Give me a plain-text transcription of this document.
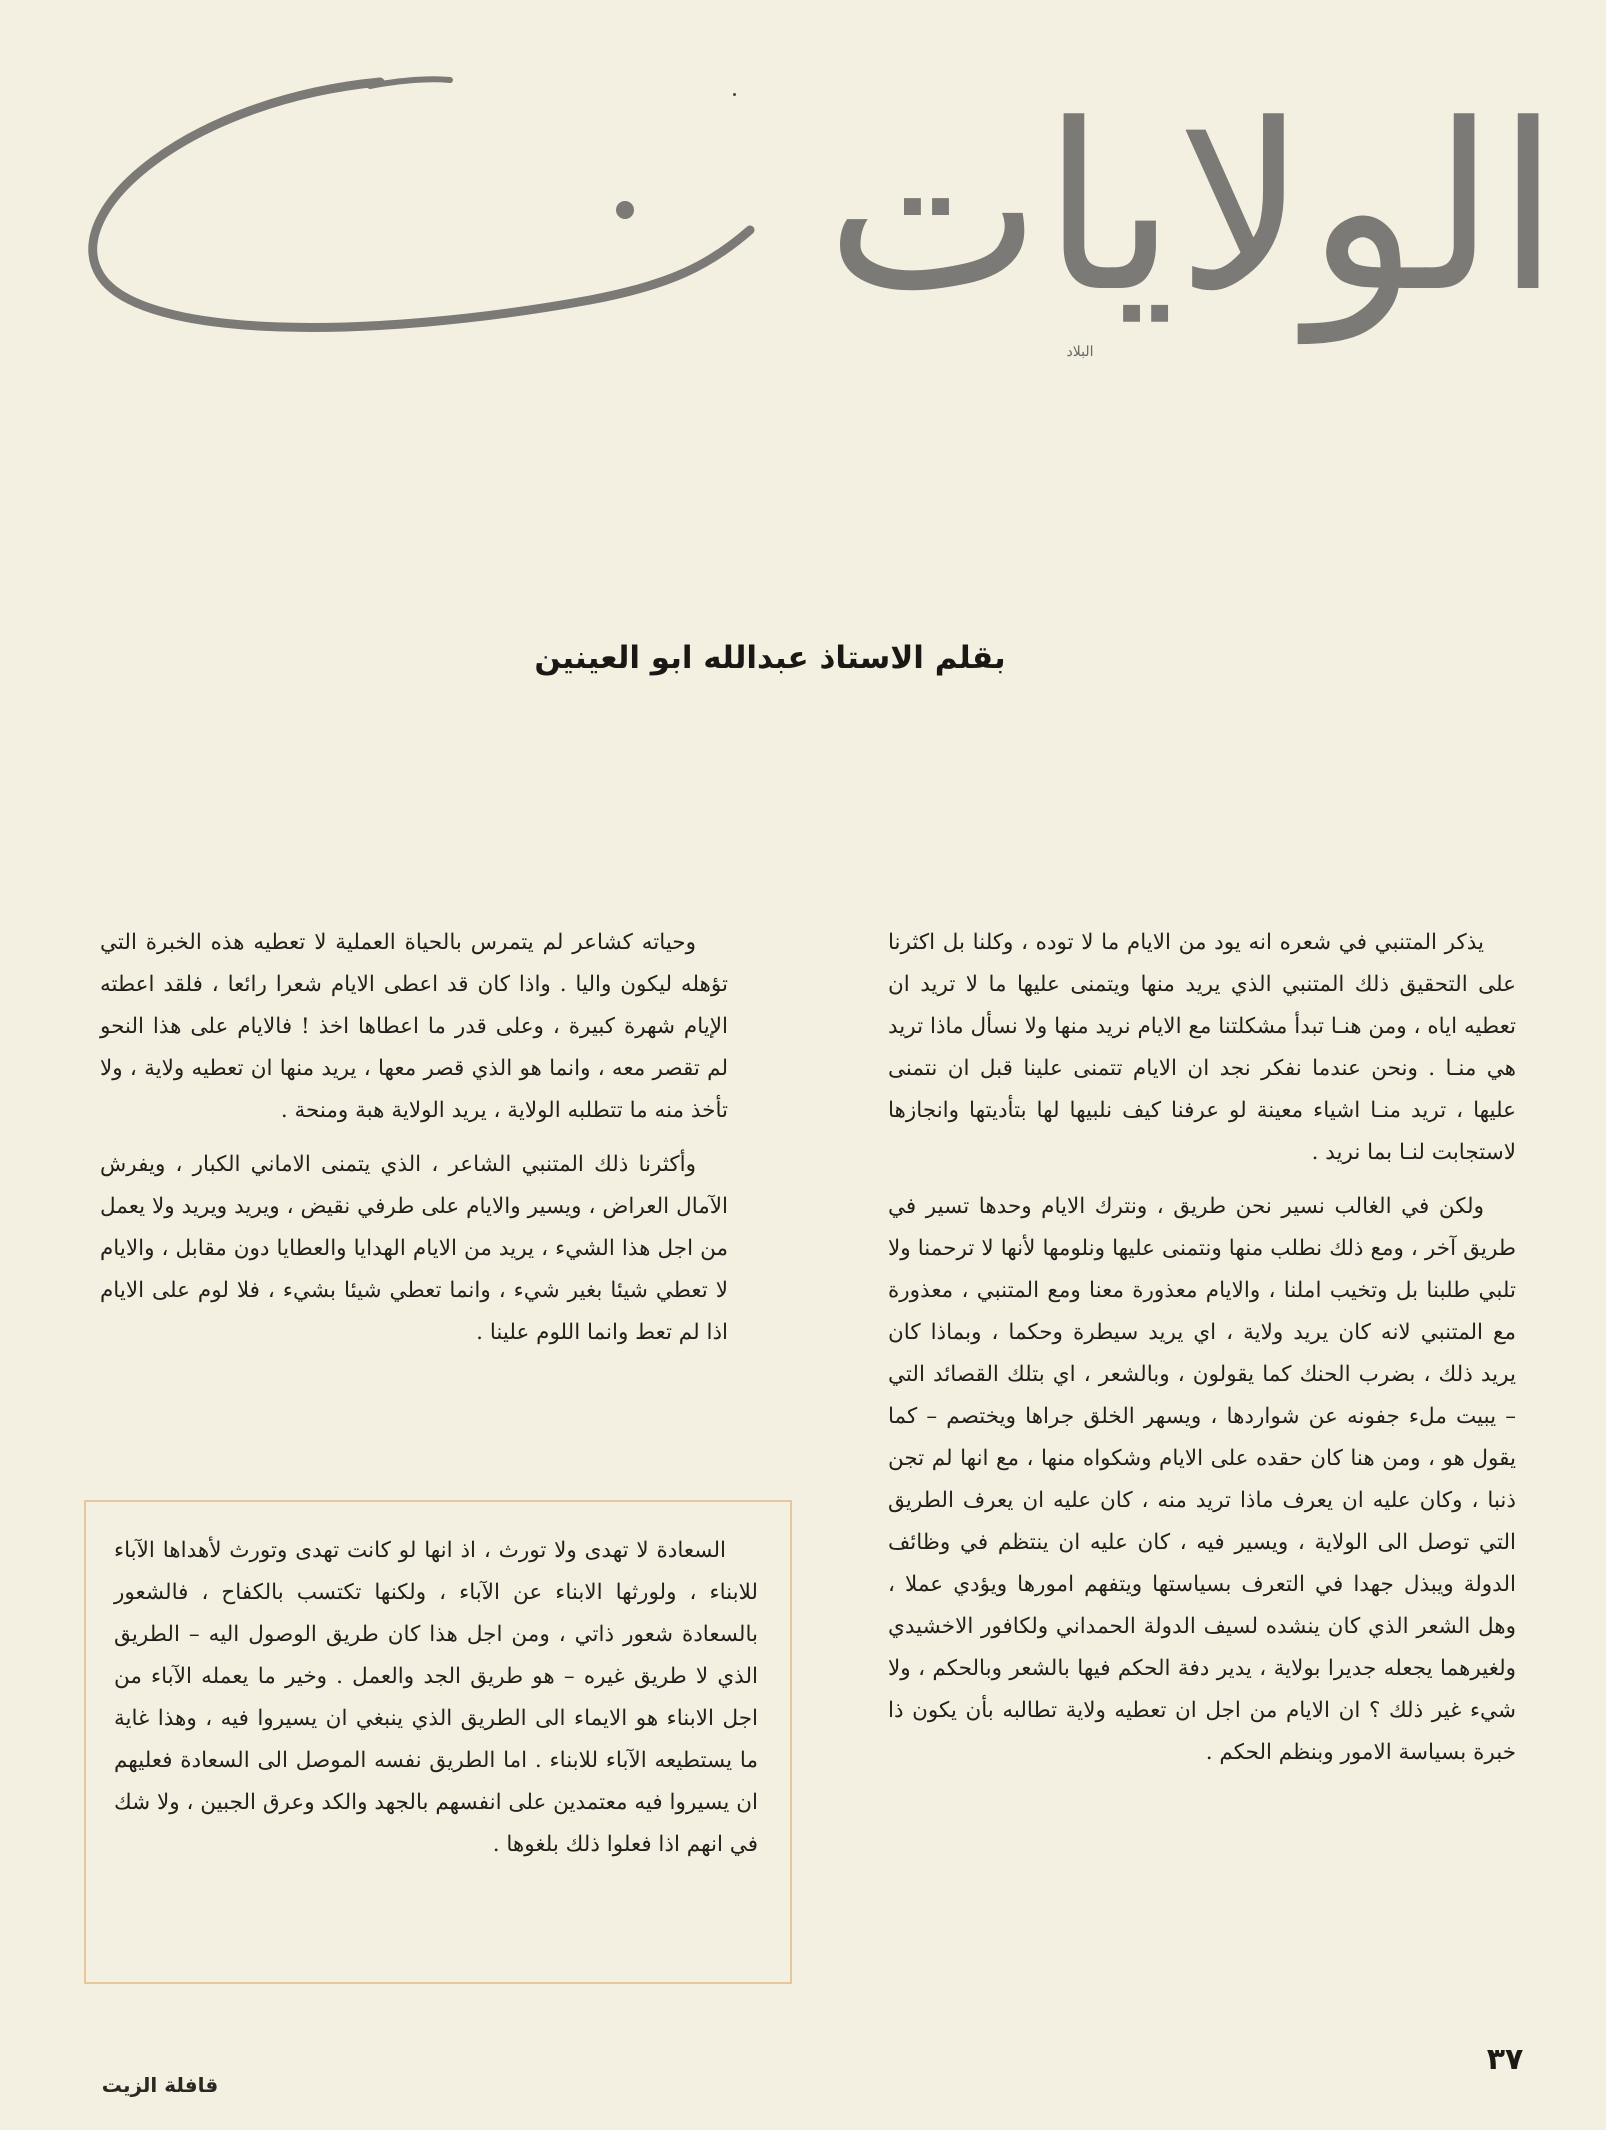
الولايات
البلاد
بقلم الاستاذ عبدالله ابو العينين

يذكر المتنبي في شعره انه يود من الايام ما لا توده ، وكلنا بل اكثرنا على التحقيق ذلك المتنبي الذي يريد منها ويتمنى عليها ما لا تريد ان تعطيه اياه ، ومن هنـا تبدأ مشكلتنا مع الايام نريد منها ولا نسأل ماذا تريد هي منـا . ونحن عندما نفكر نجد ان الايام تتمنى علينا قبل ان نتمنى عليها ، تريد منـا اشياء معينة لو عرفنا كيف نلبيها لها بتأديتها وانجازها لاستجابت لنـا بما نريد .

ولكن في الغالب نسير نحن طريق ، ونترك الايام وحدها تسير في طريق آخر ، ومع ذلك نطلب منها ونتمنى عليها ونلومها لأنها لا ترحمنا ولا تلبي طلبنا بل وتخيب املنا ، والايام معذورة معنا ومع المتنبي ، معذورة مع المتنبي لانه كان يريد ولاية ، اي يريد سيطرة وحكما ، وبماذا كان يريد ذلك ، بضرب الحنك كما يقولون ، وبالشعر ، اي بتلك القصائد التي – يبيت ملء جفونه عن شواردها ، ويسهر الخلق جراها ويختصم – كما يقول هو ، ومن هنا كان حقده على الايام وشكواه منها ، مع انها لم تجن ذنبا ، وكان عليه ان يعرف ماذا تريد منه ، كان عليه ان يعرف الطريق التي توصل الى الولاية ، ويسير فيه ، كان عليه ان ينتظم في وظائف الدولة ويبذل جهدا في التعرف بسياستها ويتفهم امورها ويؤدي عملا ، وهل الشعر الذي كان ينشده لسيف الدولة الحمداني ولكافور الاخشيدي ولغيرهما يجعله جديرا بولاية ، يدير دفة الحكم فيها بالشعر وبالحكم ، ولا شيء غير ذلك ؟ ان الايام من اجل ان تعطيه ولاية تطالبه بأن يكون ذا خبرة بسياسة الامور وبنظم الحكم .

وحياته كشاعر لم يتمرس بالحياة العملية لا تعطيه هذه الخبرة التي تؤهله ليكون واليا . واذا كان قد اعطى الايام شعرا رائعا ، فلقد اعطته الإيام شهرة كبيرة ، وعلى قدر ما اعطاها اخذ ! فالايام على هذا النحو لم تقصر معه ، وانما هو الذي قصر معها ، يريد منها ان تعطيه ولاية ، ولا تأخذ منه ما تتطلبه الولاية ، يريد الولاية هبة ومنحة .

وأكثرنا ذلك المتنبي الشاعر ، الذي يتمنى الاماني الكبار ، ويفرش الآمال العراض ، ويسير والايام على طرفي نقيض ، ويريد ويريد ولا يعمل من اجل هذا الشيء ، يريد من الايام الهدايا والعطايا دون مقابل ، والايام لا تعطي شيئا بغير شيء ، وانما تعطي شيئا بشيء ، فلا لوم على الايام اذا لم تعط وانما اللوم علينا .

السعادة لا تهدى ولا تورث ، اذ انها لو كانت تهدى وتورث لأهداها الآباء للابناء ، ولورثها الابناء عن الآباء ، ولكنها تكتسب بالكفاح ، فالشعور بالسعادة شعور ذاتي ، ومن اجل هذا كان طريق الوصول اليه – الطريق الذي لا طريق غيره – هو طريق الجد والعمل . وخير ما يعمله الآباء من اجل الابناء هو الايماء الى الطريق الذي ينبغي ان يسيروا فيه ، وهذا غاية ما يستطيعه الآباء للابناء . اما الطريق نفسه الموصل الى السعادة فعليهم ان يسيروا فيه معتمدين على انفسهم بالجهد والكد وعرق الجبين ، ولا شك في انهم اذا فعلوا ذلك بلغوها .

٣٧
قافلة الزيت
